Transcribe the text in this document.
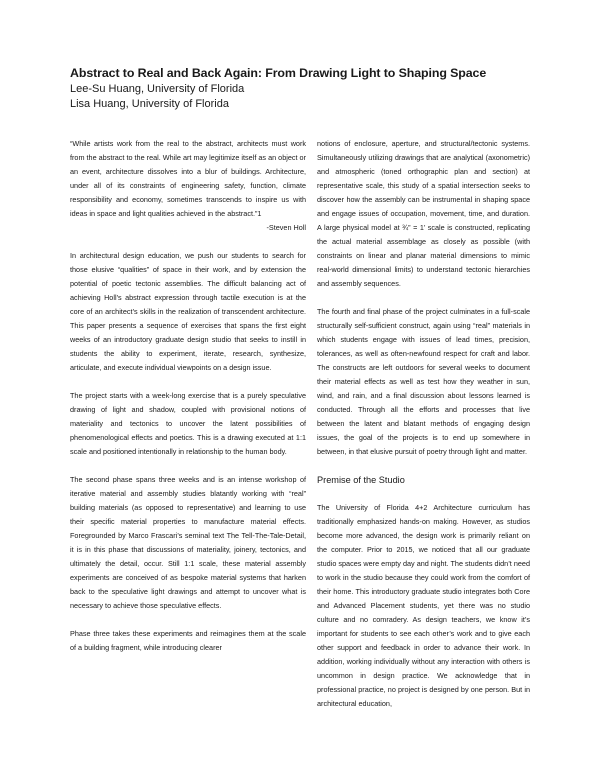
Abstract to Real and Back Again: From Drawing Light to Shaping Space

Lee-Su Huang, University of Florida

Lisa Huang, University of Florida

“While artists work from the real to the abstract, architects must work from the abstract to the real. While art may legitimize itself as an object or an event, architecture dissolves into a blur of buildings. Architecture, under all of its constraints of engineering safety, function, climate responsibility and economy, sometimes transcends to inspire us with ideas in space and light qualities achieved in the abstract.”1

-Steven Holl

In architectural design education, we push our students to search for those elusive “qualities” of space in their work, and by extension the potential of poetic tectonic assemblies. The difficult balancing act of achieving Holl’s abstract expression through tactile execution is at the core of an architect’s skills in the realization of transcendent architecture. This paper presents a sequence of exercises that spans the first eight weeks of an introductory graduate design studio that seeks to instill in students the ability to experiment, iterate, research, synthesize, articulate, and execute individual viewpoints on a design issue.

The project starts with a week-long exercise that is a purely speculative drawing of light and shadow, coupled with provisional notions of materiality and tectonics to uncover the latent possibilities of phenomenological effects and poetics. This is a drawing executed at 1:1 scale and positioned intentionally in relationship to the human body.

The second phase spans three weeks and is an intense workshop of iterative material and assembly studies blatantly working with “real” building materials (as opposed to representative) and learning to use their specific material properties to manufacture material effects. Foregrounded by Marco Frascari’s seminal text The Tell-The-Tale-Detail, it is in this phase that discussions of materiality, joinery, tectonics, and ultimately the detail, occur. Still 1:1 scale, these material assembly experiments are conceived of as bespoke material systems that harken back to the speculative light drawings and attempt to uncover what is necessary to achieve those speculative effects.

Phase three takes these experiments and reimagines them at the scale of a building fragment, while introducing clearer

notions of enclosure, aperture, and structural/tectonic systems. Simultaneously utilizing drawings that are analytical (axonometric) and atmospheric (toned orthographic plan and section) at representative scale, this study of a spatial intersection seeks to discover how the assembly can be instrumental in shaping space and engage issues of occupation, movement, time, and duration. A large physical model at ¾” = 1’ scale is constructed, replicating the actual material assemblage as closely as possible (with constraints on linear and planar material dimensions to mimic real-world dimensional limits) to understand tectonic hierarchies and assembly sequences.

The fourth and final phase of the project culminates in a full-scale structurally self-sufficient construct, again using “real” materials in which students engage with issues of lead times, precision, tolerances, as well as often-newfound respect for craft and labor. The constructs are left outdoors for several weeks to document their material effects as well as test how they weather in sun, wind, and rain, and a final discussion about lessons learned is conducted. Through all the efforts and processes that live between the latent and blatant methods of engaging design issues, the goal of the projects is to end up somewhere in between, in that elusive pursuit of poetry through light and matter.

Premise of the Studio

The University of Florida 4+2 Architecture curriculum has traditionally emphasized hands-on making. However, as studios become more advanced, the design work is primarily reliant on the computer. Prior to 2015, we noticed that all our graduate studio spaces were empty day and night. The students didn’t need to work in the studio because they could work from the comfort of their home. This introductory graduate studio integrates both Core and Advanced Placement students, yet there was no studio culture and no comradery. As design teachers, we know it’s important for students to see each other’s work and to give each other support and feedback in order to advance their work. In addition, working individually without any interaction with others is uncommon in design practice. We acknowledge that in professional practice, no project is designed by one person. But in architectural education,
